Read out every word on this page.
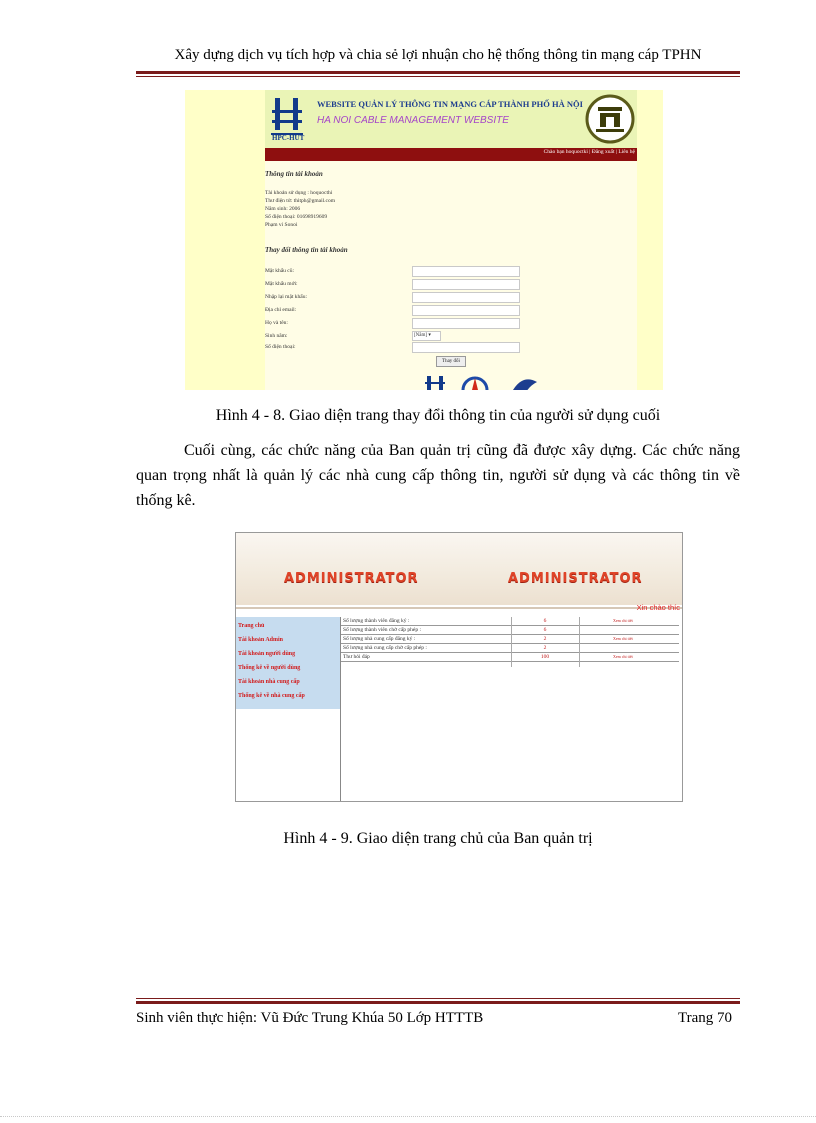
Xây dựng dịch vụ tích hợp và chia sẻ lợi nhuận cho hệ thống thông tin mạng cáp TPHN
HPC-HUT
WEBSITE QUẢN LÝ THÔNG TIN MẠNG CÁP THÀNH PHỐ HÀ NỘI
HA NOI CABLE MANAGEMENT WEBSITE
Chào bạn hoquoctki | Đăng xuất | Liên hệ
Thông tin tài khoản
Tài khoản sử dụng : hoquocthi
Thư điện tử: thitph@gmail.com
Năm sinh: 2006
Số điện thoại: 01698919609
Phạm vi Sonoi
Thay đổi thông tin tài khoản
Mật khẩu cũ:
Mật khẩu mới:
Nhập lại mật khẩu:
Địa chỉ email:
Họ và tên:
Sinh năm:	[Năm] ▾
Số điện thoại:
Thay đổi
Hình 4 - 8. Giao diện trang thay đổi thông tin của người sử dụng cuối
Cuối cùng, các chức năng của Ban quản trị cũng đã được xây dựng. Các chức năng quan trọng nhất là quản lý các nhà cung cấp thông tin, người sử dụng và các thông tin về thống kê.
ADMINISTRATOR	ADMINISTRATOR
Xin chào thíc
Trang chủ
Tài khoản Admin
Tài khoản người dùng
Thống kê về người dùng
Tài khoản nhà cung cấp
Thống kê về nhà cung cấp
Số lượng thành viên đăng ký :	6	Xem chi tiết
Số lượng thành viên chờ cấp phép :	6
Số lượng nhà cung cấp đăng ký :	2	Xem chi tiết
Số lượng nhà cung cấp chờ cấp phép :	2
Thư hỏi đáp	100	Xem chi tiết
Hình 4 - 9. Giao diện trang chủ của Ban quản trị
Sinh viên thực hiện: Vũ Đức Trung Khúa 50 Lớp HTTTB	Trang 70
